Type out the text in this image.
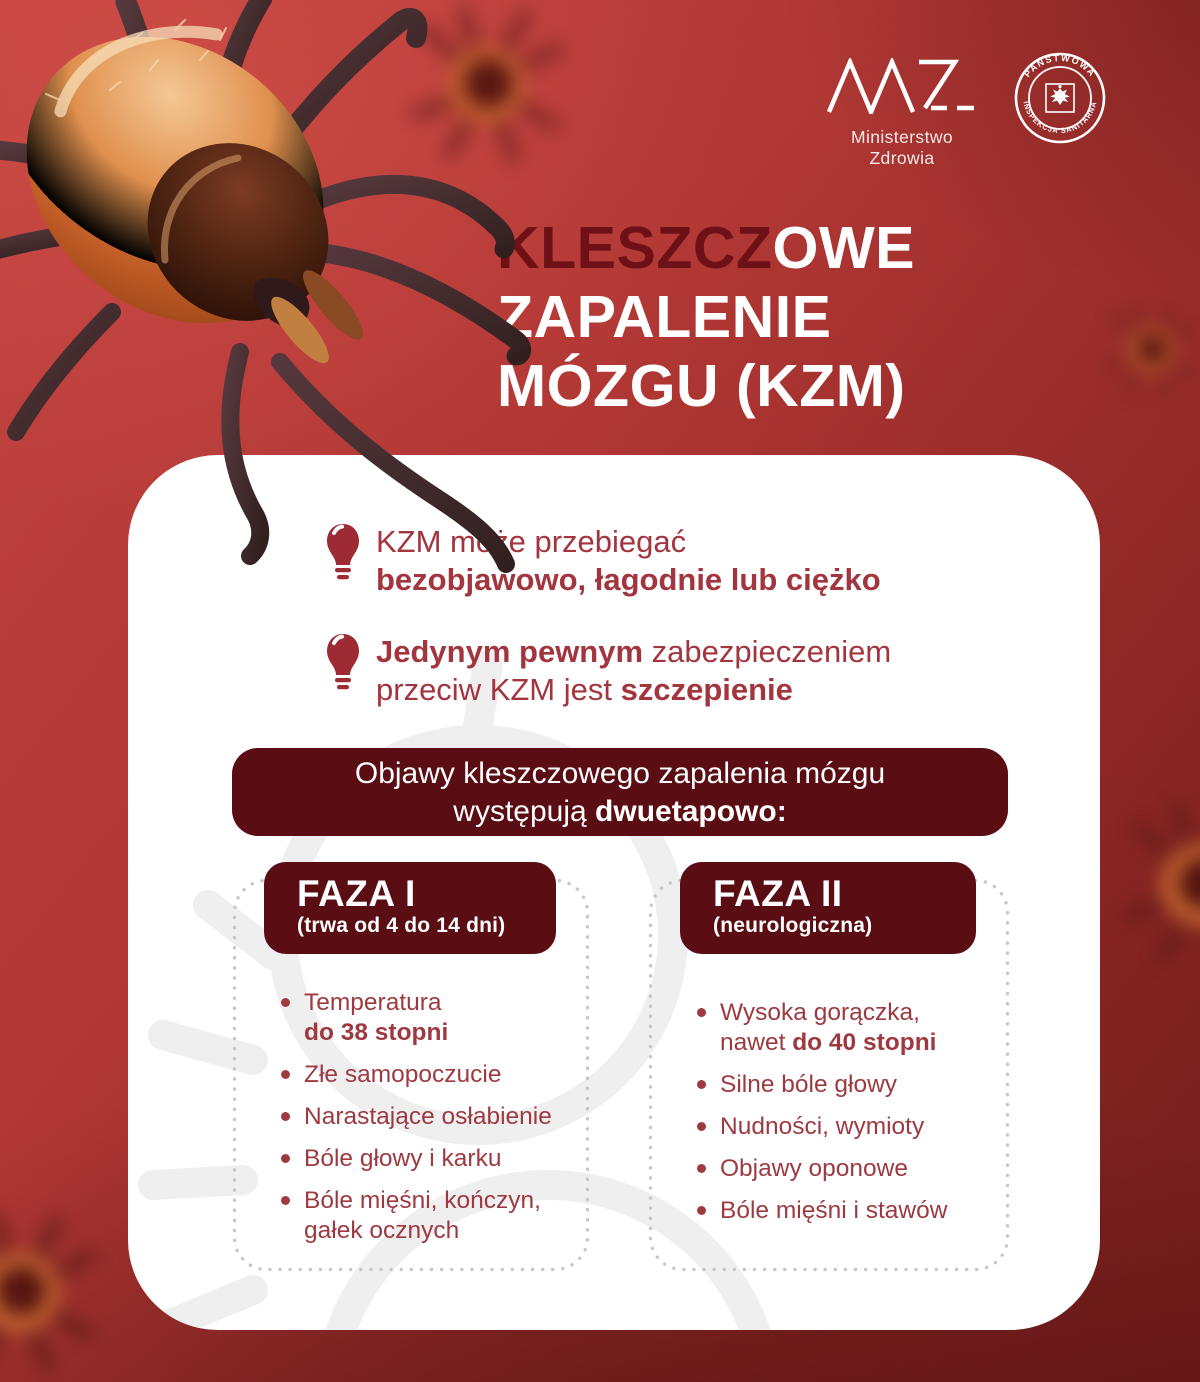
Ministerstwo Zdrowia
PAŃSTWOWA
INSPEKCJA SANITARNA
KLESZCZOWE
ZAPALENIE
MÓZGU (KZM)
KZM może przebiegać
bezobjawowo, łagodnie lub ciężko
Jedynym pewnym zabezpieczeniem
przeciw KZM jest szczepienie
Objawy kleszczowego zapalenia mózgu
występują dwuetapowo:
FAZA I
(trwa od 4 do 14 dni)
Temperatura
do 38 stopni
Złe samopoczucie
Narastające osłabienie
Bóle głowy i karku
Bóle mięśni, kończyn,
gałek ocznych
FAZA II
(neurologiczna)
Wysoka gorączka,
nawet do 40 stopni
Silne bóle głowy
Nudności, wymioty
Objawy oponowe
Bóle mięśni i stawów
